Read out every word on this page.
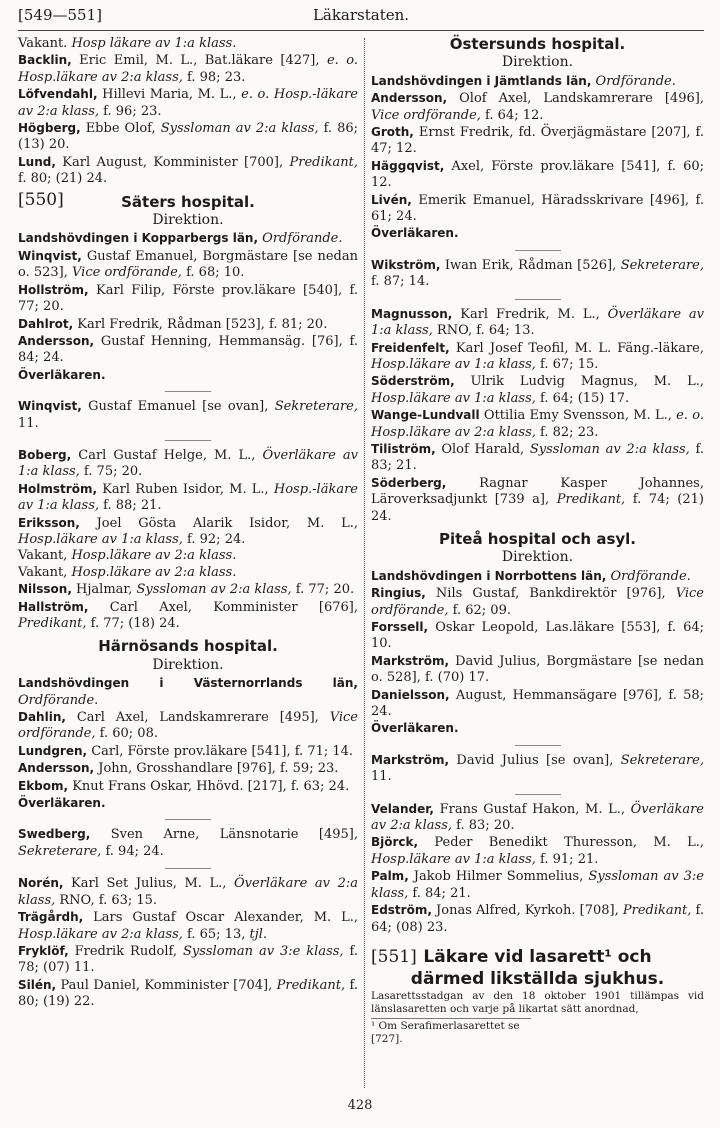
[549—551]	Läkarstaten.

Vakant. Hosp läkare av 1:a klass.

Backlin, Eric Emil, M. L., Bat.läkare [427], e. o. Hosp.läkare av 2:a klass, f. 98; 23.

Löfvendahl, Hillevi Maria, M. L., e. o. Hosp.-läkare av 2:a klass, f. 96; 23.

Högberg, Ebbe Olof, Syssloman av 2:a klass, f. 86; (13) 20.

Lund, Karl August, Komminister [700], Predikant, f. 80; (21) 24.

[550]	Säters hospital.
Direktion.

Landshövdingen i Kopparbergs län, Ordförande.

Winqvist, Gustaf Emanuel, Borgmästare [se nedan o. 523], Vice ordförande, f. 68; 10.

Hollström, Karl Filip, Förste prov.läkare [540], f. 77; 20.

Dahlrot, Karl Fredrik, Rådman [523], f. 81; 20.

Andersson, Gustaf Henning, Hemmansäg. [76], f. 84; 24.

Överläkaren.

Winqvist, Gustaf Emanuel [se ovan], Sekreterare, 11.

Boberg, Carl Gustaf Helge, M. L., Överläkare av 1:a klass, f. 75; 20.

Holmström, Karl Ruben Isidor, M. L., Hosp.-läkare av 1:a klass, f. 88; 21.

Eriksson, Joel Gösta Alarik Isidor, M. L., Hosp.läkare av 1:a klass, f. 92; 24.

Vakant, Hosp.läkare av 2:a klass.

Vakant, Hosp.läkare av 2:a klass.

Nilsson, Hjalmar, Syssloman av 2:a klass, f. 77; 20.

Hallström, Carl Axel, Komminister [676], Predikant, f. 77; (18) 24.

Härnösands hospital.
Direktion.

Landshövdingen i Västernorrlands län, Ordförande.

Dahlin, Carl Axel, Landskamrerare [495], Vice ordförande, f. 60; 08.

Lundgren, Carl, Förste prov.läkare [541], f. 71; 14.

Andersson, John, Grosshandlare [976], f. 59; 23.

Ekbom, Knut Frans Oskar, Hhövd. [217], f. 63; 24.

Överläkaren.

Swedberg, Sven Arne, Länsnotarie [495], Sekreterare, f. 94; 24.

Norén, Karl Set Julius, M. L., Överläkare av 2:a klass, RNO, f. 63; 15.

Trägårdh, Lars Gustaf Oscar Alexander, M. L., Hosp.läkare av 2:a klass, f. 65; 13, tjl.

Fryklöf, Fredrik Rudolf, Syssloman av 3:e klass, f. 78; (07) 11.

Silén, Paul Daniel, Komminister [704], Predikant, f. 80; (19) 22.

Östersunds hospital.
Direktion.

Landshövdingen i Jämtlands län, Ordförande.

Andersson, Olof Axel, Landskamrerare [496], Vice ordförande, f. 64; 12.

Groth, Ernst Fredrik, fd. Överjägmästare [207], f. 47; 12.

Häggqvist, Axel, Förste prov.läkare [541], f. 60; 12.

Livén, Emerik Emanuel, Häradsskrivare [496], f. 61; 24.

Överläkaren.

Wikström, Iwan Erik, Rådman [526], Sekreterare, f. 87; 14.

Magnusson, Karl Fredrik, M. L., Överläkare av 1:a klass, RNO, f. 64; 13.

Freidenfelt, Karl Josef Teofil, M. L. Fäng.-läkare, Hosp.läkare av 1:a klass, f. 67; 15.

Söderström, Ulrik Ludvig Magnus, M. L., Hosp.läkare av 1:a klass, f. 64; (15) 17.

Wange-Lundvall Ottilia Emy Svensson, M. L., e. o. Hosp.läkare av 2:a klass, f. 82; 23.

Tiliström, Olof Harald, Syssloman av 2:a klass, f. 83; 21.

Söderberg, Ragnar Kasper Johannes, Läroverksadjunkt [739 a], Predikant, f. 74; (21) 24.

Piteå hospital och asyl.
Direktion.

Landshövdingen i Norrbottens län, Ordförande.

Ringius, Nils Gustaf, Bankdirektör [976], Vice ordförande, f. 62; 09.

Forssell, Oskar Leopold, Las.läkare [553], f. 64; 10.

Markström, David Julius, Borgmästare [se nedan o. 528], f. (70) 17.

Danielsson, August, Hemmansägare [976], f. 58; 24.

Överläkaren.

Markström, David Julius [se ovan], Sekreterare, 11.

Velander, Frans Gustaf Hakon, M. L., Överläkare av 2:a klass, f. 83; 20.

Björck, Peder Benedikt Thuresson, M. L., Hosp.läkare av 1:a klass, f. 91; 21.

Palm, Jakob Hilmer Sommelius, Syssloman av 3:e klass, f. 84; 21.

Edström, Jonas Alfred, Kyrkoh. [708], Predikant, f. 64; (08) 23.

[551] Läkare vid lasarett¹ och
därmed likställda sjukhus.

Lasarettsstadgan av den 18 oktober 1901 tillämpas vid länslasaretten och varje på likartat sätt anordnad,

¹ Om Serafimerlasarettet se [727].
428
